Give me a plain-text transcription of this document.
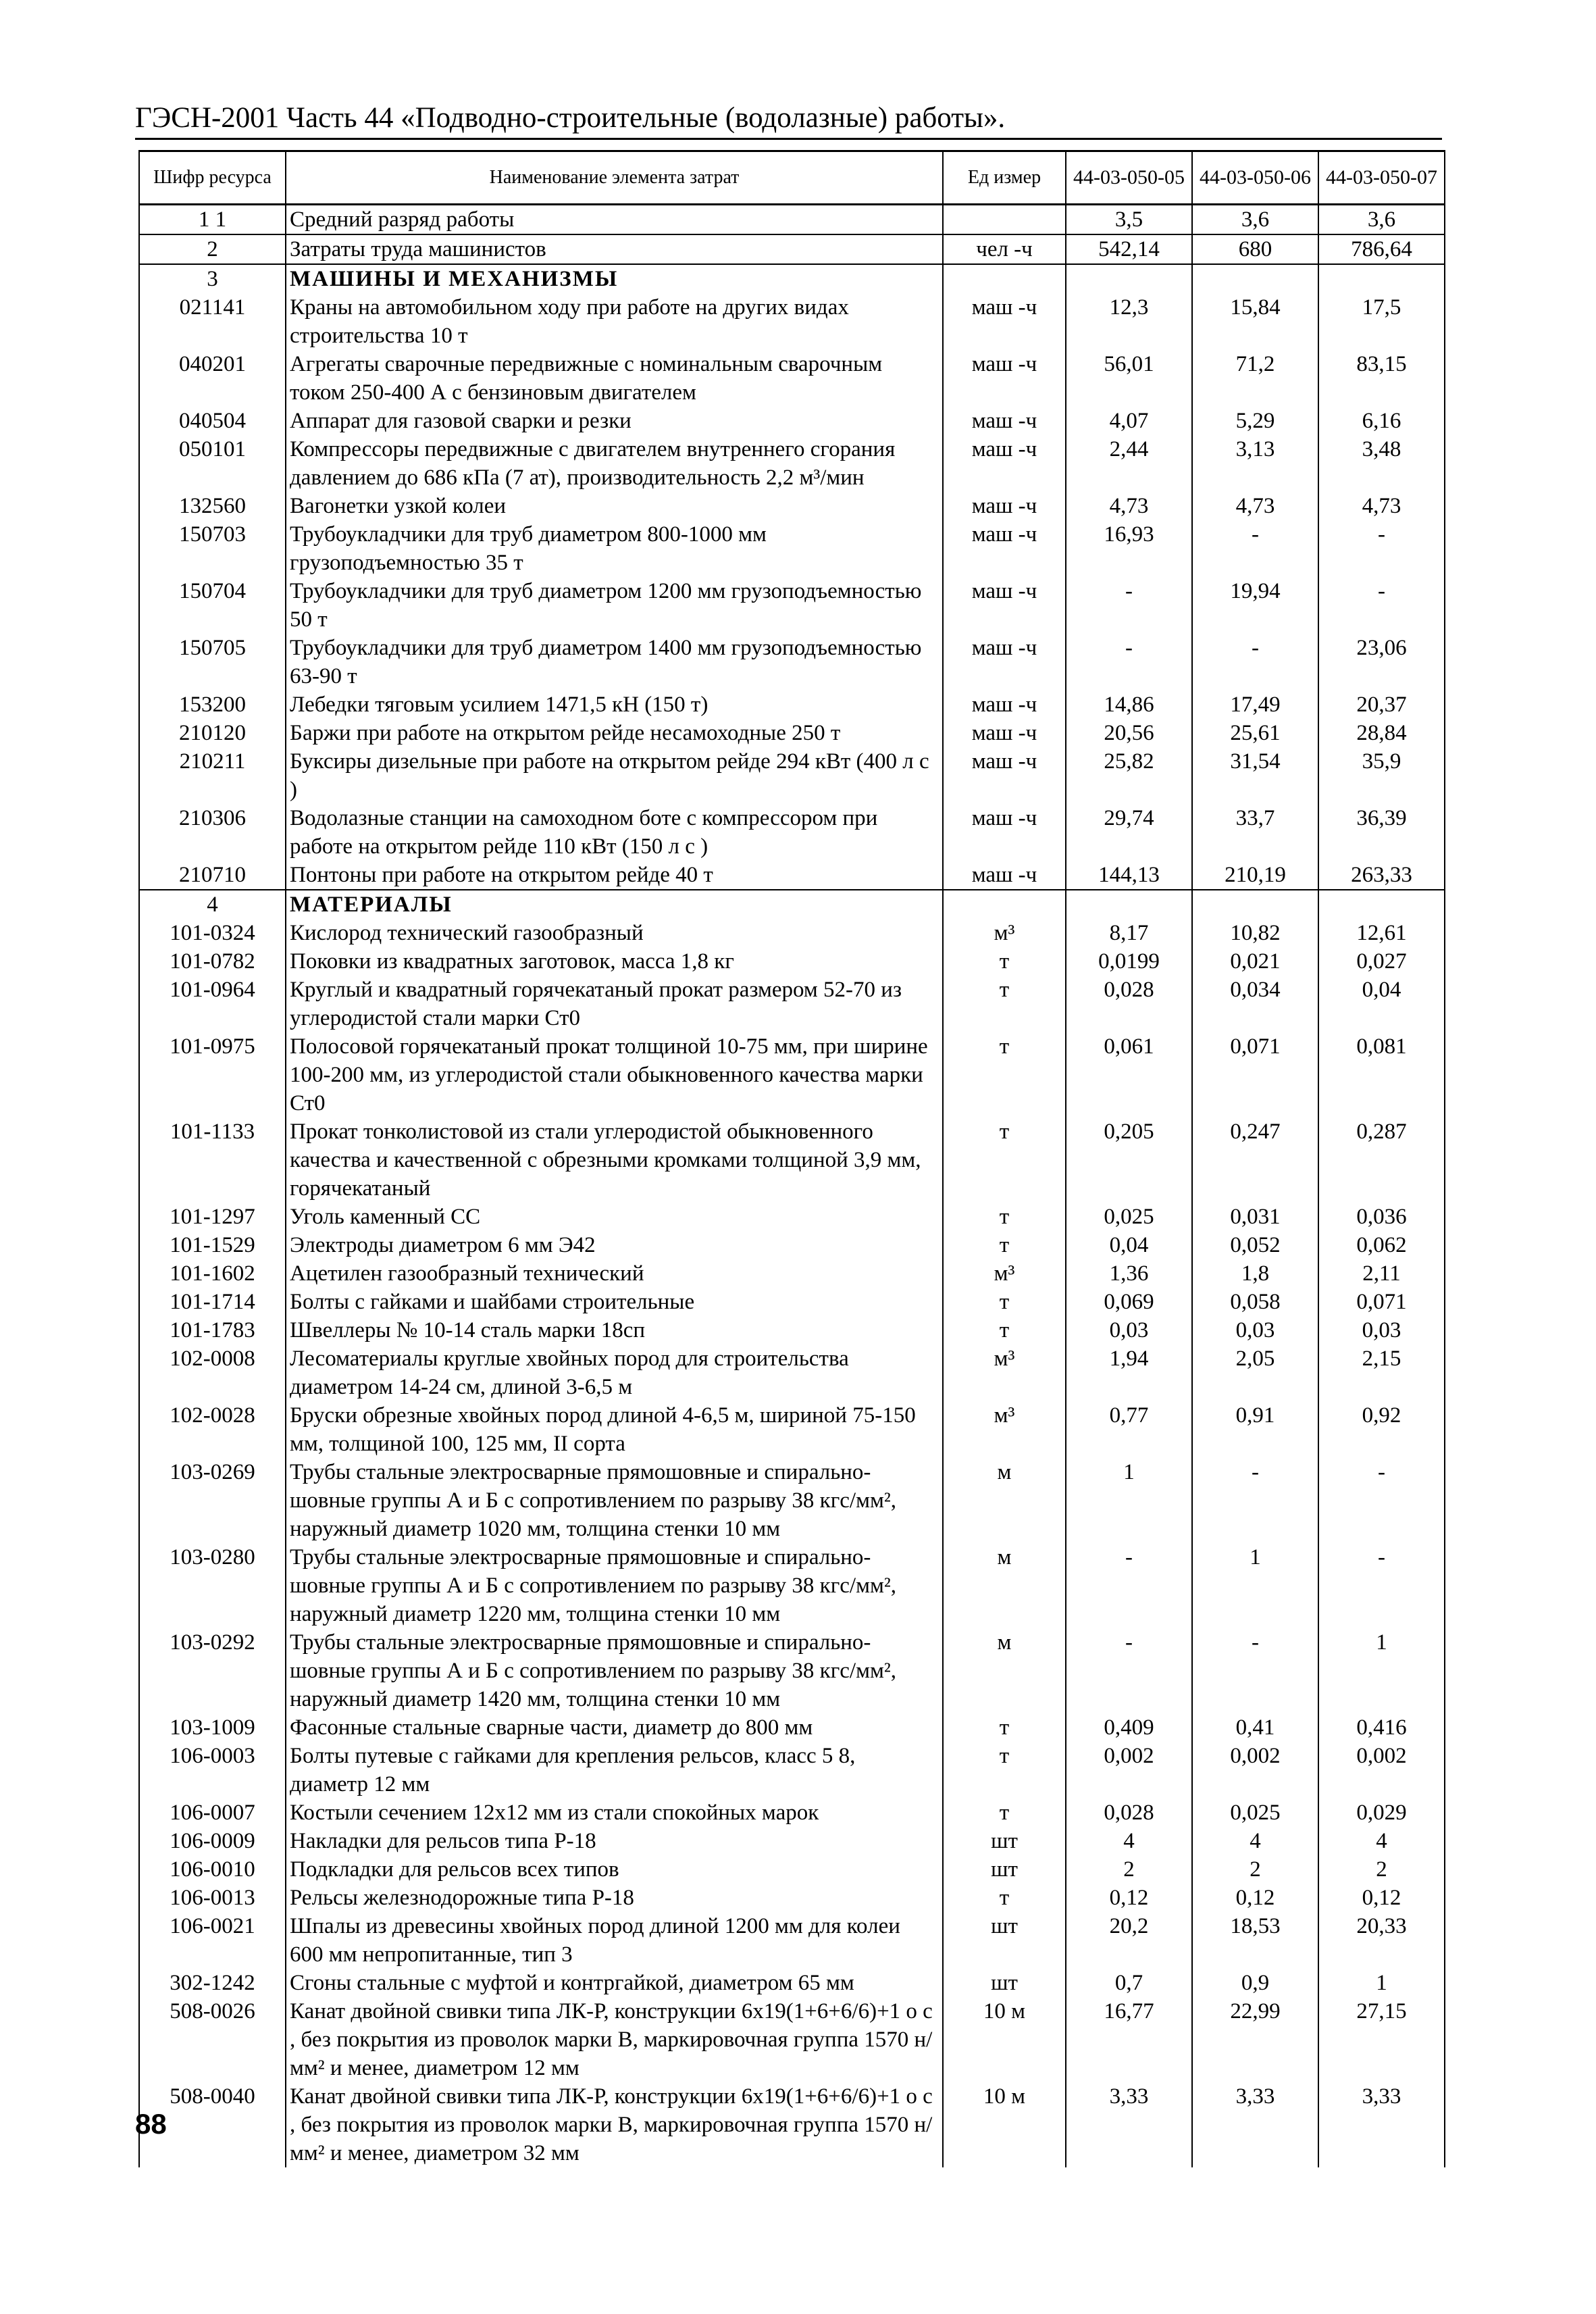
ГЭСН-2001 Часть 44 «Подводно-строительные (водолазные) работы».
Шифр ресурса	Наименование элемента затрат	Ед измер	44-03-050-05	44-03-050-06	44-03-050-07
1 1	Средний разряд работы		3,5	3,6	3,6
2	Затраты труда машинистов	чел -ч	542,14	680	786,64
3	МАШИНЫ И МЕХАНИЗМЫ				
021141	Краны на автомобильном ходу при работе на других видах строительства 10 т	маш -ч	12,3	15,84	17,5
040201	Агрегаты сварочные передвижные с номинальным сварочным током 250-400 А с бензиновым двигателем	маш -ч	56,01	71,2	83,15
040504	Аппарат для газовой сварки и резки	маш -ч	4,07	5,29	6,16
050101	Компрессоры передвижные с двигателем внутреннего сгорания давлением до 686 кПа (7 ат), производительность 2,2 м³/мин	маш -ч	2,44	3,13	3,48
132560	Вагонетки узкой колеи	маш -ч	4,73	4,73	4,73
150703	Трубоукладчики для труб диаметром 800-1000 мм грузоподъемностью 35 т	маш -ч	16,93	-	-
150704	Трубоукладчики для труб диаметром 1200 мм грузоподъемностью 50 т	маш -ч	-	19,94	-
150705	Трубоукладчики для труб диаметром 1400 мм грузоподъемностью 63-90 т	маш -ч	-	-	23,06
153200	Лебедки тяговым усилием 1471,5 кН (150 т)	маш -ч	14,86	17,49	20,37
210120	Баржи при работе на открытом рейде несамоходные 250 т	маш -ч	20,56	25,61	28,84
210211	Буксиры дизельные при работе на открытом рейде 294 кВт (400 л с )	маш -ч	25,82	31,54	35,9
210306	Водолазные станции на самоходном боте с компрессором при работе на открытом рейде 110 кВт (150 л с )	маш -ч	29,74	33,7	36,39
210710	Понтоны при работе на открытом рейде 40 т	маш -ч	144,13	210,19	263,33
4	МАТЕРИАЛЫ				
101-0324	Кислород технический газообразный	м³	8,17	10,82	12,61
101-0782	Поковки из квадратных заготовок, масса 1,8 кг	т	0,0199	0,021	0,027
101-0964	Круглый и квадратный горячекатаный прокат размером 52-70 из углеродистой стали марки Ст0	т	0,028	0,034	0,04
101-0975	Полосовой горячекатаный прокат толщиной 10-75 мм, при ширине 100-200 мм, из углеродистой стали обыкновенного качества марки Ст0	т	0,061	0,071	0,081
101-1133	Прокат тонколистовой из стали углеродистой обыкновенного качества и качественной с обрезными кромками толщиной 3,9 мм, горячекатаный	т	0,205	0,247	0,287
101-1297	Уголь каменный СС	т	0,025	0,031	0,036
101-1529	Электроды диаметром 6 мм Э42	т	0,04	0,052	0,062
101-1602	Ацетилен газообразный технический	м³	1,36	1,8	2,11
101-1714	Болты с гайками и шайбами строительные	т	0,069	0,058	0,071
101-1783	Швеллеры № 10-14 сталь марки 18сп	т	0,03	0,03	0,03
102-0008	Лесоматериалы круглые хвойных пород для строительства диаметром 14-24 см, длиной 3-6,5 м	м³	1,94	2,05	2,15
102-0028	Бруски обрезные хвойных пород длиной 4-6,5 м, шириной 75-150 мм, толщиной 100, 125 мм, II сорта	м³	0,77	0,91	0,92
103-0269	Трубы стальные электросварные прямошовные и спирально-шовные группы А и Б с сопротивлением по разрыву 38 кгс/мм², наружный диаметр 1020 мм, толщина стенки 10 мм	м	1	-	-
103-0280	Трубы стальные электросварные прямошовные и спирально-шовные группы А и Б с сопротивлением по разрыву 38 кгс/мм², наружный диаметр 1220 мм, толщина стенки 10 мм	м	-	1	-
103-0292	Трубы стальные электросварные прямошовные и спирально-шовные группы А и Б с сопротивлением по разрыву 38 кгс/мм², наружный диаметр 1420 мм, толщина стенки 10 мм	м	-	-	1
103-1009	Фасонные стальные сварные части, диаметр до 800 мм	т	0,409	0,41	0,416
106-0003	Болты путевые с гайками для крепления рельсов, класс 5 8, диаметр 12 мм	т	0,002	0,002	0,002
106-0007	Костыли сечением 12х12 мм из стали спокойных марок	т	0,028	0,025	0,029
106-0009	Накладки для рельсов типа Р-18	шт	4	4	4
106-0010	Подкладки для рельсов всех типов	шт	2	2	2
106-0013	Рельсы железнодорожные типа Р-18	т	0,12	0,12	0,12
106-0021	Шпалы из древесины хвойных пород длиной 1200 мм для колеи 600 мм непропитанные, тип 3	шт	20,2	18,53	20,33
302-1242	Сгоны стальные с муфтой и контргайкой, диаметром 65 мм	шт	0,7	0,9	1
508-0026	Канат двойной свивки типа ЛК-Р, конструкции 6х19(1+6+6/6)+1 о с , без покрытия из проволок марки В, маркировочная группа 1570 н/мм² и менее, диаметром 12 мм	10 м	16,77	22,99	27,15
508-0040	Канат двойной свивки типа ЛК-Р, конструкции 6х19(1+6+6/6)+1 о с , без покрытия из проволок марки В, маркировочная группа 1570 н/мм² и менее, диаметром 32 мм	10 м	3,33	3,33	3,33
88
